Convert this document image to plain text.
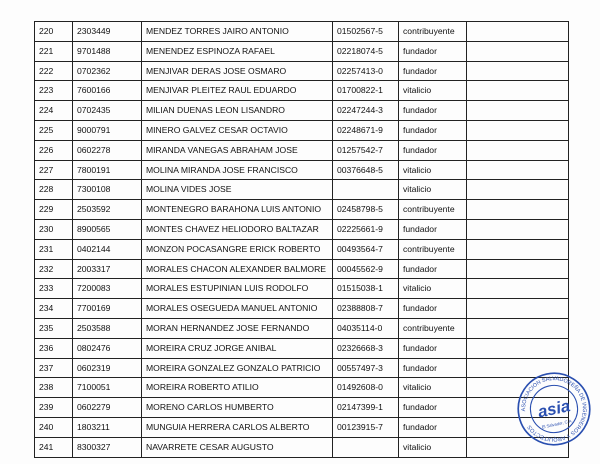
220	2303449	MENDEZ TORRES JAIRO ANTONIO	01502567-5	contribuyente	
221	9701488	MENENDEZ ESPINOZA RAFAEL	02218074-5	fundador	
222	0702362	MENJIVAR DERAS JOSE OSMARO	02257413-0	fundador	
223	7600166	MENJIVAR PLEITEZ RAUL EDUARDO	01700822-1	vitalicio	
224	0702435	MILIAN DUENAS LEON LISANDRO	02247244-3	fundador	
225	9000791	MINERO GALVEZ CESAR OCTAVIO	02248671-9	fundador	
226	0602278	MIRANDA VANEGAS ABRAHAM JOSE	01257542-7	fundador	
227	7800191	MOLINA MIRANDA JOSE FRANCISCO	00376648-5	vitalicio	
228	7300108	MOLINA VIDES JOSE		vitalicio	
229	2503592	MONTENEGRO BARAHONA LUIS ANTONIO	02458798-5	contribuyente	
230	8900565	MONTES CHAVEZ HELIODORO BALTAZAR	02225661-9	fundador	
231	0402144	MONZON POCASANGRE ERICK ROBERTO	00493564-7	contribuyente	
232	2003317	MORALES CHACON ALEXANDER BALMORE	00045562-9	fundador	
233	7200083	MORALES ESTUPINIAN LUIS RODOLFO	01515038-1	vitalicio	
234	7700169	MORALES OSEGUEDA MANUEL ANTONIO	02388808-7	fundador	
235	2503588	MORAN HERNANDEZ JOSE FERNANDO	04035114-0	contribuyente	
236	0802476	MOREIRA CRUZ JORGE ANIBAL	02326668-3	fundador	
237	0602319	MOREIRA GONZALEZ GONZALO PATRICIO	00557497-3	fundador	
238	7100051	MOREIRA ROBERTO ATILIO	01492608-0	vitalicio	
239	0602279	MORENO CARLOS HUMBERTO	02147399-1	fundador	
240	1803211	MUNGUIA HERRERA CARLOS ALBERTO	00123915-7	fundador	
241	8300327	NAVARRETE CESAR AUGUSTO		vitalicio	
ASOCIACION SALVADOREÑA DE INGENIEROS Y ARQUITECTOS
asia
El Salvador, C.A.
